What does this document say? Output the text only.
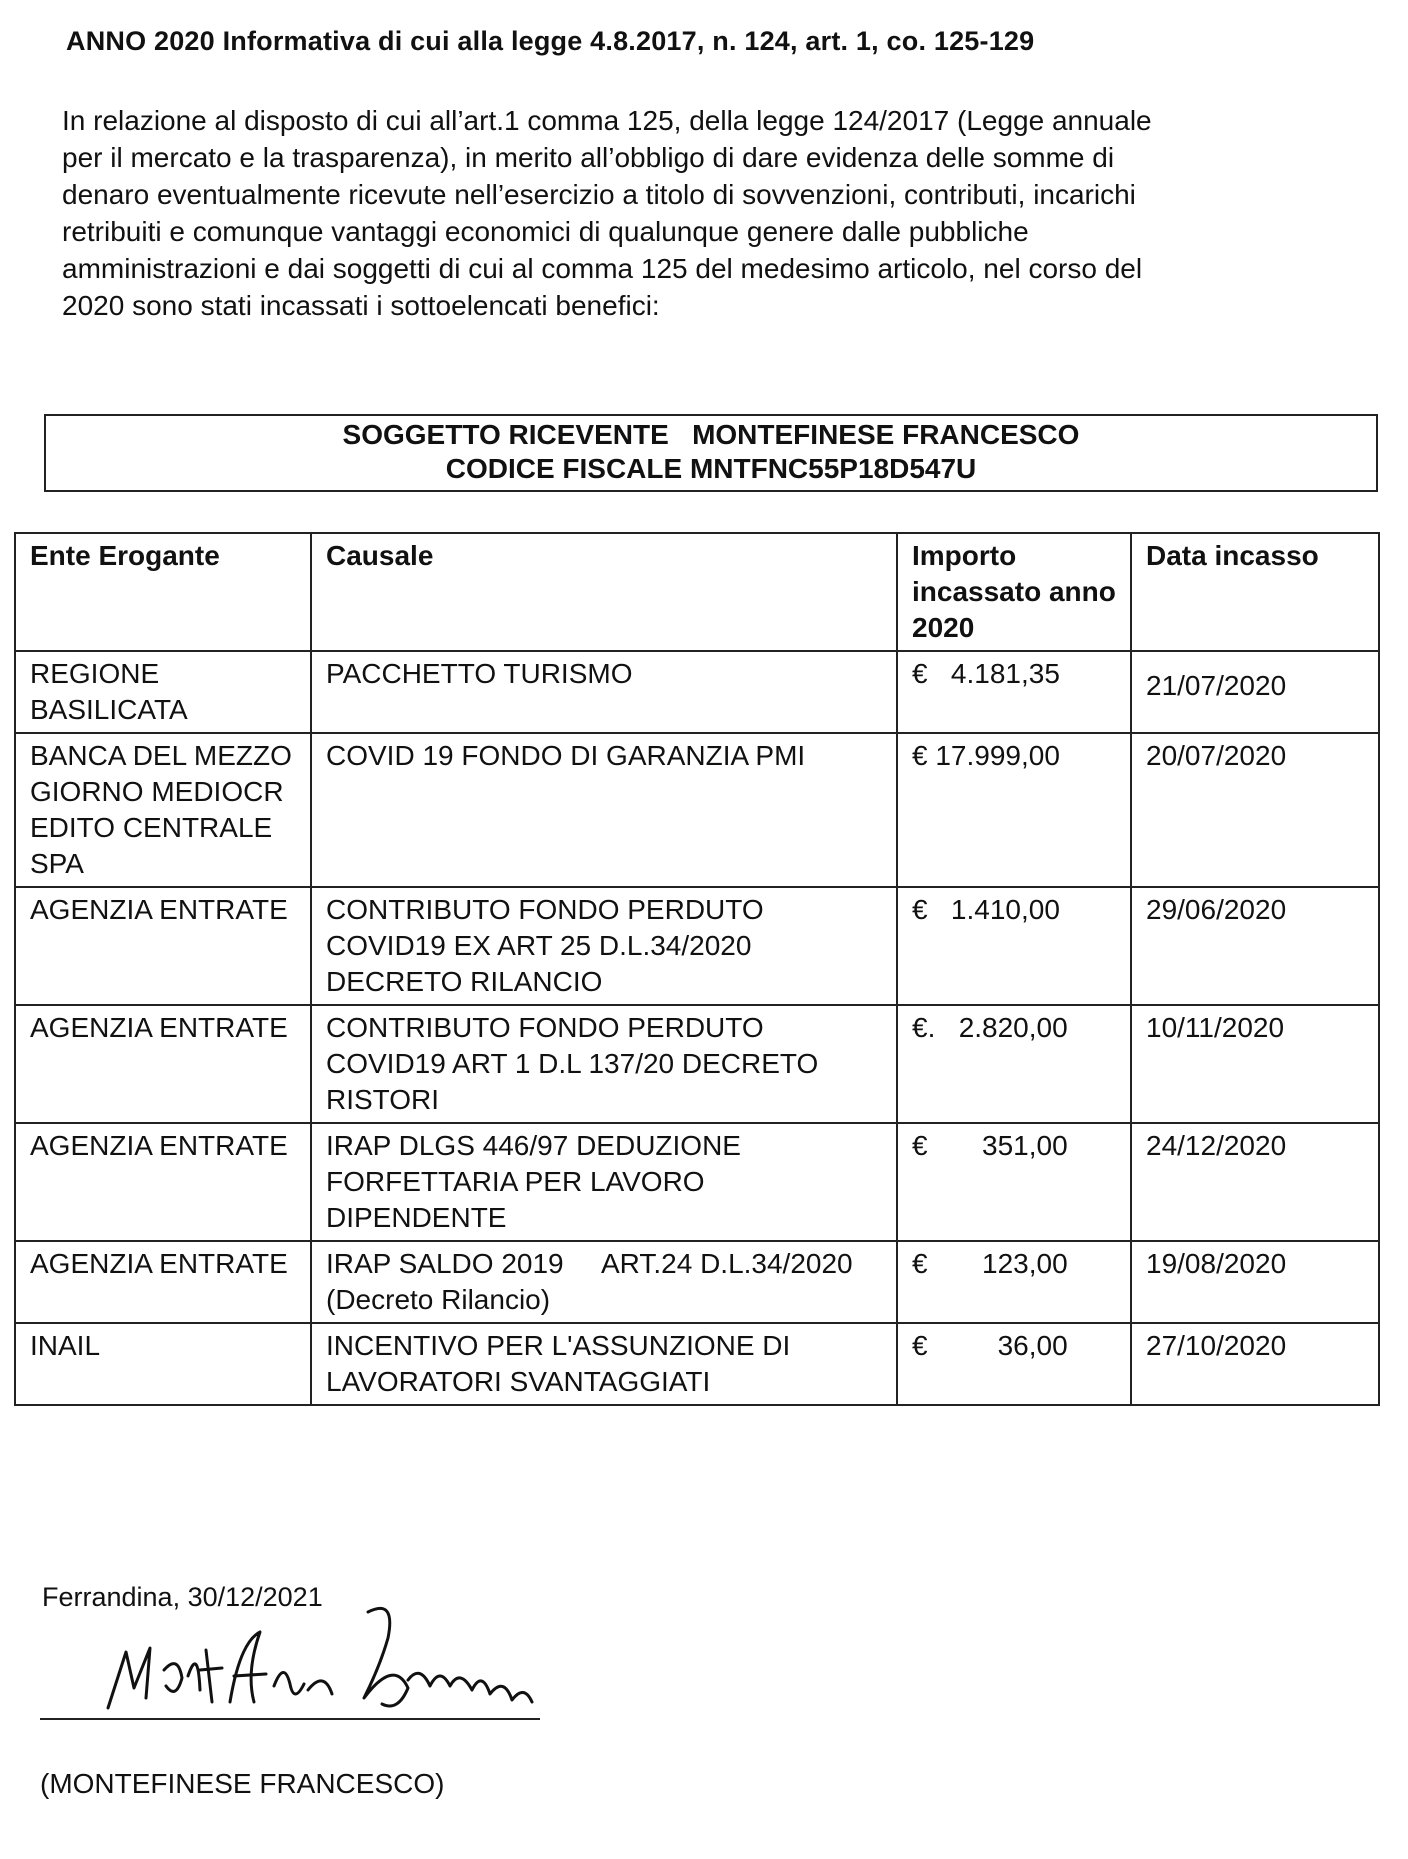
ANNO 2020 Informativa di cui alla legge 4.8.2017, n. 124, art. 1, co. 125-129
In relazione al disposto di cui all’art.1 comma 125, della legge 124/2017 (Legge annuale
per il mercato e la trasparenza), in merito all’obbligo di dare evidenza delle somme di
denaro eventualmente ricevute nell’esercizio a titolo di sovvenzioni, contributi, incarichi
retribuiti e comunque vantaggi economici di qualunque genere dalle pubbliche
amministrazioni e dai soggetti di cui al comma 125 del medesimo articolo, nel corso del
2020 sono stati incassati i sottoelencati benefici:
SOGGETTO RICEVENTE   MONTEFINESE FRANCESCO
CODICE FISCALE MNTFNC55P18D547U
Ente Erogante	Causale	Importo incassato anno 2020	Data incasso
REGIONE BASILICATA	PACCHETTO TURISMO	€   4.181,35	21/07/2020
BANCA DEL MEZZOGIORNO MEDIOCREDITO CENTRALE SPA	COVID 19 FONDO DI GARANZIA PMI	€ 17.999,00	20/07/2020
AGENZIA ENTRATE	CONTRIBUTO FONDO PERDUTO COVID19 EX ART 25 D.L.34/2020 DECRETO RILANCIO	€   1.410,00	29/06/2020
AGENZIA ENTRATE	CONTRIBUTO FONDO PERDUTO COVID19 ART 1 D.L 137/20 DECRETO RISTORI	€.   2.820,00	10/11/2020
AGENZIA ENTRATE	IRAP DLGS 446/97 DEDUZIONE FORFETTARIA PER LAVORO DIPENDENTE	€       351,00	24/12/2020
AGENZIA ENTRATE	IRAP SALDO 2019     ART.24 D.L.34/2020 (Decreto Rilancio)	€       123,00	19/08/2020
INAIL	INCENTIVO PER L'ASSUNZIONE DI LAVORATORI SVANTAGGIATI	€         36,00	27/10/2020
Ferrandina, 30/12/2021
(MONTEFINESE FRANCESCO)
